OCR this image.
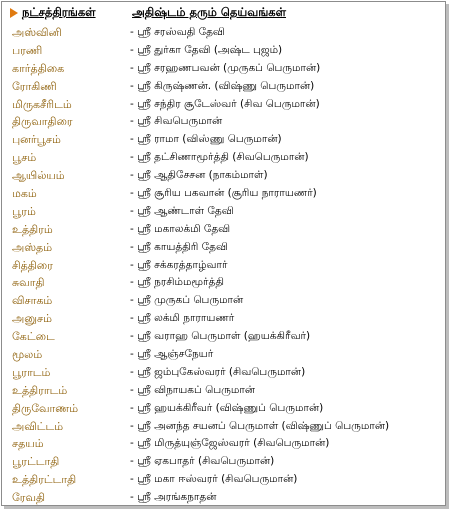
நட்சத்திரங்கள்	அதிஷ்டம் தரும் தெய்வங்கள்
அஸ்வினி	- ஸ்ரீ சரஸ்வதி தேவி
பரணி	- ஸ்ரீ துர்கா தேவி (அஷ்ட புஜம்)
கார்த்திகை	- ஸ்ரீ சரஹணபவன் (முருகப் பெருமான்)
ரோகிணி	- ஸ்ரீ கிருஷ்ணன். (விஷ்ணு பெருமான்)
மிருகசீரிடம்	- ஸ்ரீ சந்திர சூடேஸ்வர் (சிவ பெருமான்)
திருவாதிரை	- ஸ்ரீ சிவபெருமான்
புனர்பூசம்	- ஸ்ரீ ராமா (விஸ்ணு பெருமான்)
பூசம்	- ஸ்ரீ தட்சிணாமூர்த்தி (சிவபெருமான்)
ஆயில்யம்	- ஸ்ரீ ஆதிசேசன (நாகம்மாள்)
மகம்	- ஸ்ரீ சூரிய பகவான் (சூரிய நாராயணர்)
பூரம்	- ஸ்ரீ ஆண்டாள் தேவி
உத்திரம்	- ஸ்ரீ மகாலக்மி தேவி
அஸ்தம்	- ஸ்ரீ காயத்திரி தேவி
சித்திரை	- ஸ்ரீ சக்கரத்தாழ்வார்
சுவாதி	- ஸ்ரீ நரசிம்மமூர்த்தி
விசாகம்	- ஸ்ரீ முருகப் பெருமான்
அனுசம்	- ஸ்ரீ லக்மி நாராயணர்
கேட்டை	- ஸ்ரீ வராஹ பெருமாள் (ஹயக்கிரீவர்)
மூலம்	- ஸ்ரீ ஆஞ்சநேயர்
பூராடம்	- ஸ்ரீ ஜம்புகேஸ்வரர் (சிவபெருமான்)
உத்திராடம்	- ஸ்ரீ விநாயகப் பெருமான்
திருவோணம்	- ஸ்ரீ ஹயக்கிரீவர் (விஷ்ணுப் பெருமான்)
அவிட்டம்	- ஸ்ரீ அனந்த சயனப் பெருமாள் (விஷ்ணுப் பெருமான்)
சதயம்	- ஸ்ரீ மிருத்யுஞ்ஜேஸ்வரர் (சிவபெருமான்)
பூரட்டாதி	- ஸ்ரீ ஏகபாதர் (சிவபெருமான்)
உத்திரட்டாதி	- ஸ்ரீ மகா ஈஸ்வரர் (சிவபெருமான்)
ரேவதி	- ஸ்ரீ அரங்கநாதன்
